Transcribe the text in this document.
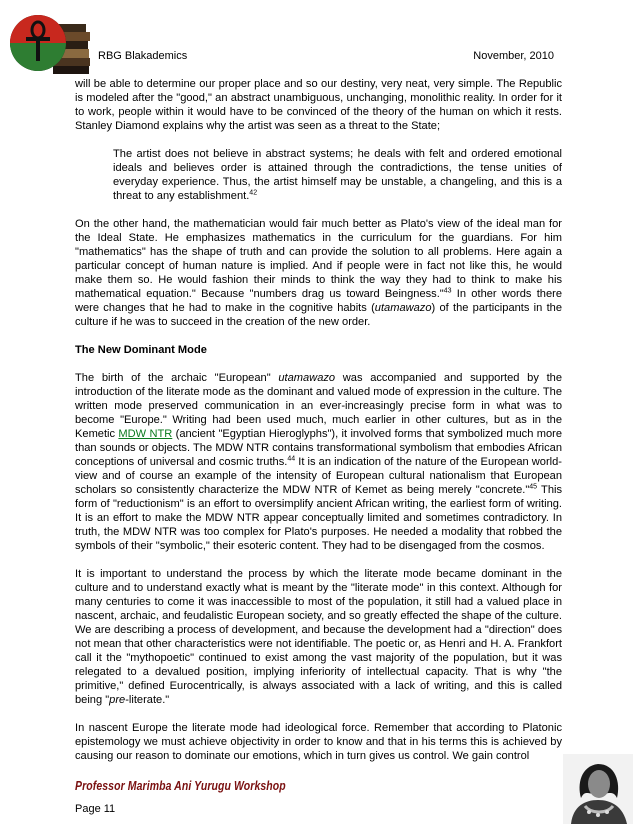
RBG Blakademics	November, 2010

will be able to determine our proper place and so our destiny, very neat, very simple. The Republic is modeled after the "good," an abstract unambiguous, unchanging, monolithic reality. In order for it to work, people within it would have to be convinced of the theory of the human on which it rests. Stanley Diamond explains why the artist was seen as a threat to the State;

The artist does not believe in abstract systems; he deals with felt and ordered emotional ideals and believes order is attained through the contradictions, the tense unities of everyday experience. Thus, the artist himself may be unstable, a changeling, and this is a threat to any establishment.$^{42}$

On the other hand, the mathematician would fair much better as Plato's view of the ideal man for the Ideal State. He emphasizes mathematics in the curriculum for the guardians. For him "mathematics" has the shape of truth and can provide the solution to all problems. Here again a particular concept of human nature is implied. And if people were in fact not like this, he would make them so. He would fashion their minds to think the way they had to think to make his mathematical equation." Because "numbers drag us toward Beingness."$^{43}$ In other words there were changes that he had to make in the cognitive habits (utamawazo) of the participants in the culture if he was to succeed in the creation of the new order.

The New Dominant Mode

The birth of the archaic "European" utamawazo was accompanied and supported by the introduction of the literate mode as the dominant and valued mode of expression in the culture. The written mode preserved communication in an ever-increasingly precise form in what was to become "Europe." Writing had been used much, much earlier in other cultures, but as in the Kemetic MDW NTR (ancient "Egyptian Hieroglyphs"), it involved forms that symbolized much more than sounds or objects. The MDW NTR contains transformational symbolism that embodies African conceptions of universal and cosmic truths.$^{44}$ It is an indication of the nature of the European world-view and of course an example of the intensity of European cultural nationalism that European scholars so consistently characterize the MDW NTR of Kemet as being merely "concrete."$^{45}$ This form of "reductionism" is an effort to oversimplify ancient African writing, the earliest form of writing. It is an effort to make the MDW NTR appear conceptually limited and sometimes contradictory. In truth, the MDW NTR was too complex for Plato's purposes. He needed a modality that robbed the symbols of their "symbolic," their esoteric content. They had to be disengaged from the cosmos.

It is important to understand the process by which the literate mode became dominant in the culture and to understand exactly what is meant by the "literate mode" in this context. Although for many centuries to come it was inaccessible to most of the population, it still had a valued place in nascent, archaic, and feudalistic European society, and so greatly effected the shape of the culture. We are describing a process of development, and because the development had a "direction" does not mean that other characteristics were not identifiable. The poetic or, as Henri and H. A. Frankfort call it the "mythopoetic" continued to exist among the vast majority of the population, but it was relegated to a devalued position, implying inferiority of intellectual capacity. That is why "the primitive," defined Eurocentrically, is always associated with a lack of writing, and this is called being "pre-literate."

In nascent Europe the literate mode had ideological force. Remember that according to Platonic epistemology we must achieve objectivity in order to know and that in his terms this is achieved by causing our reason to dominate our emotions, which in turn gives us control. We gain control

Professor Marimba Ani Yurugu Workshop
Page 11
